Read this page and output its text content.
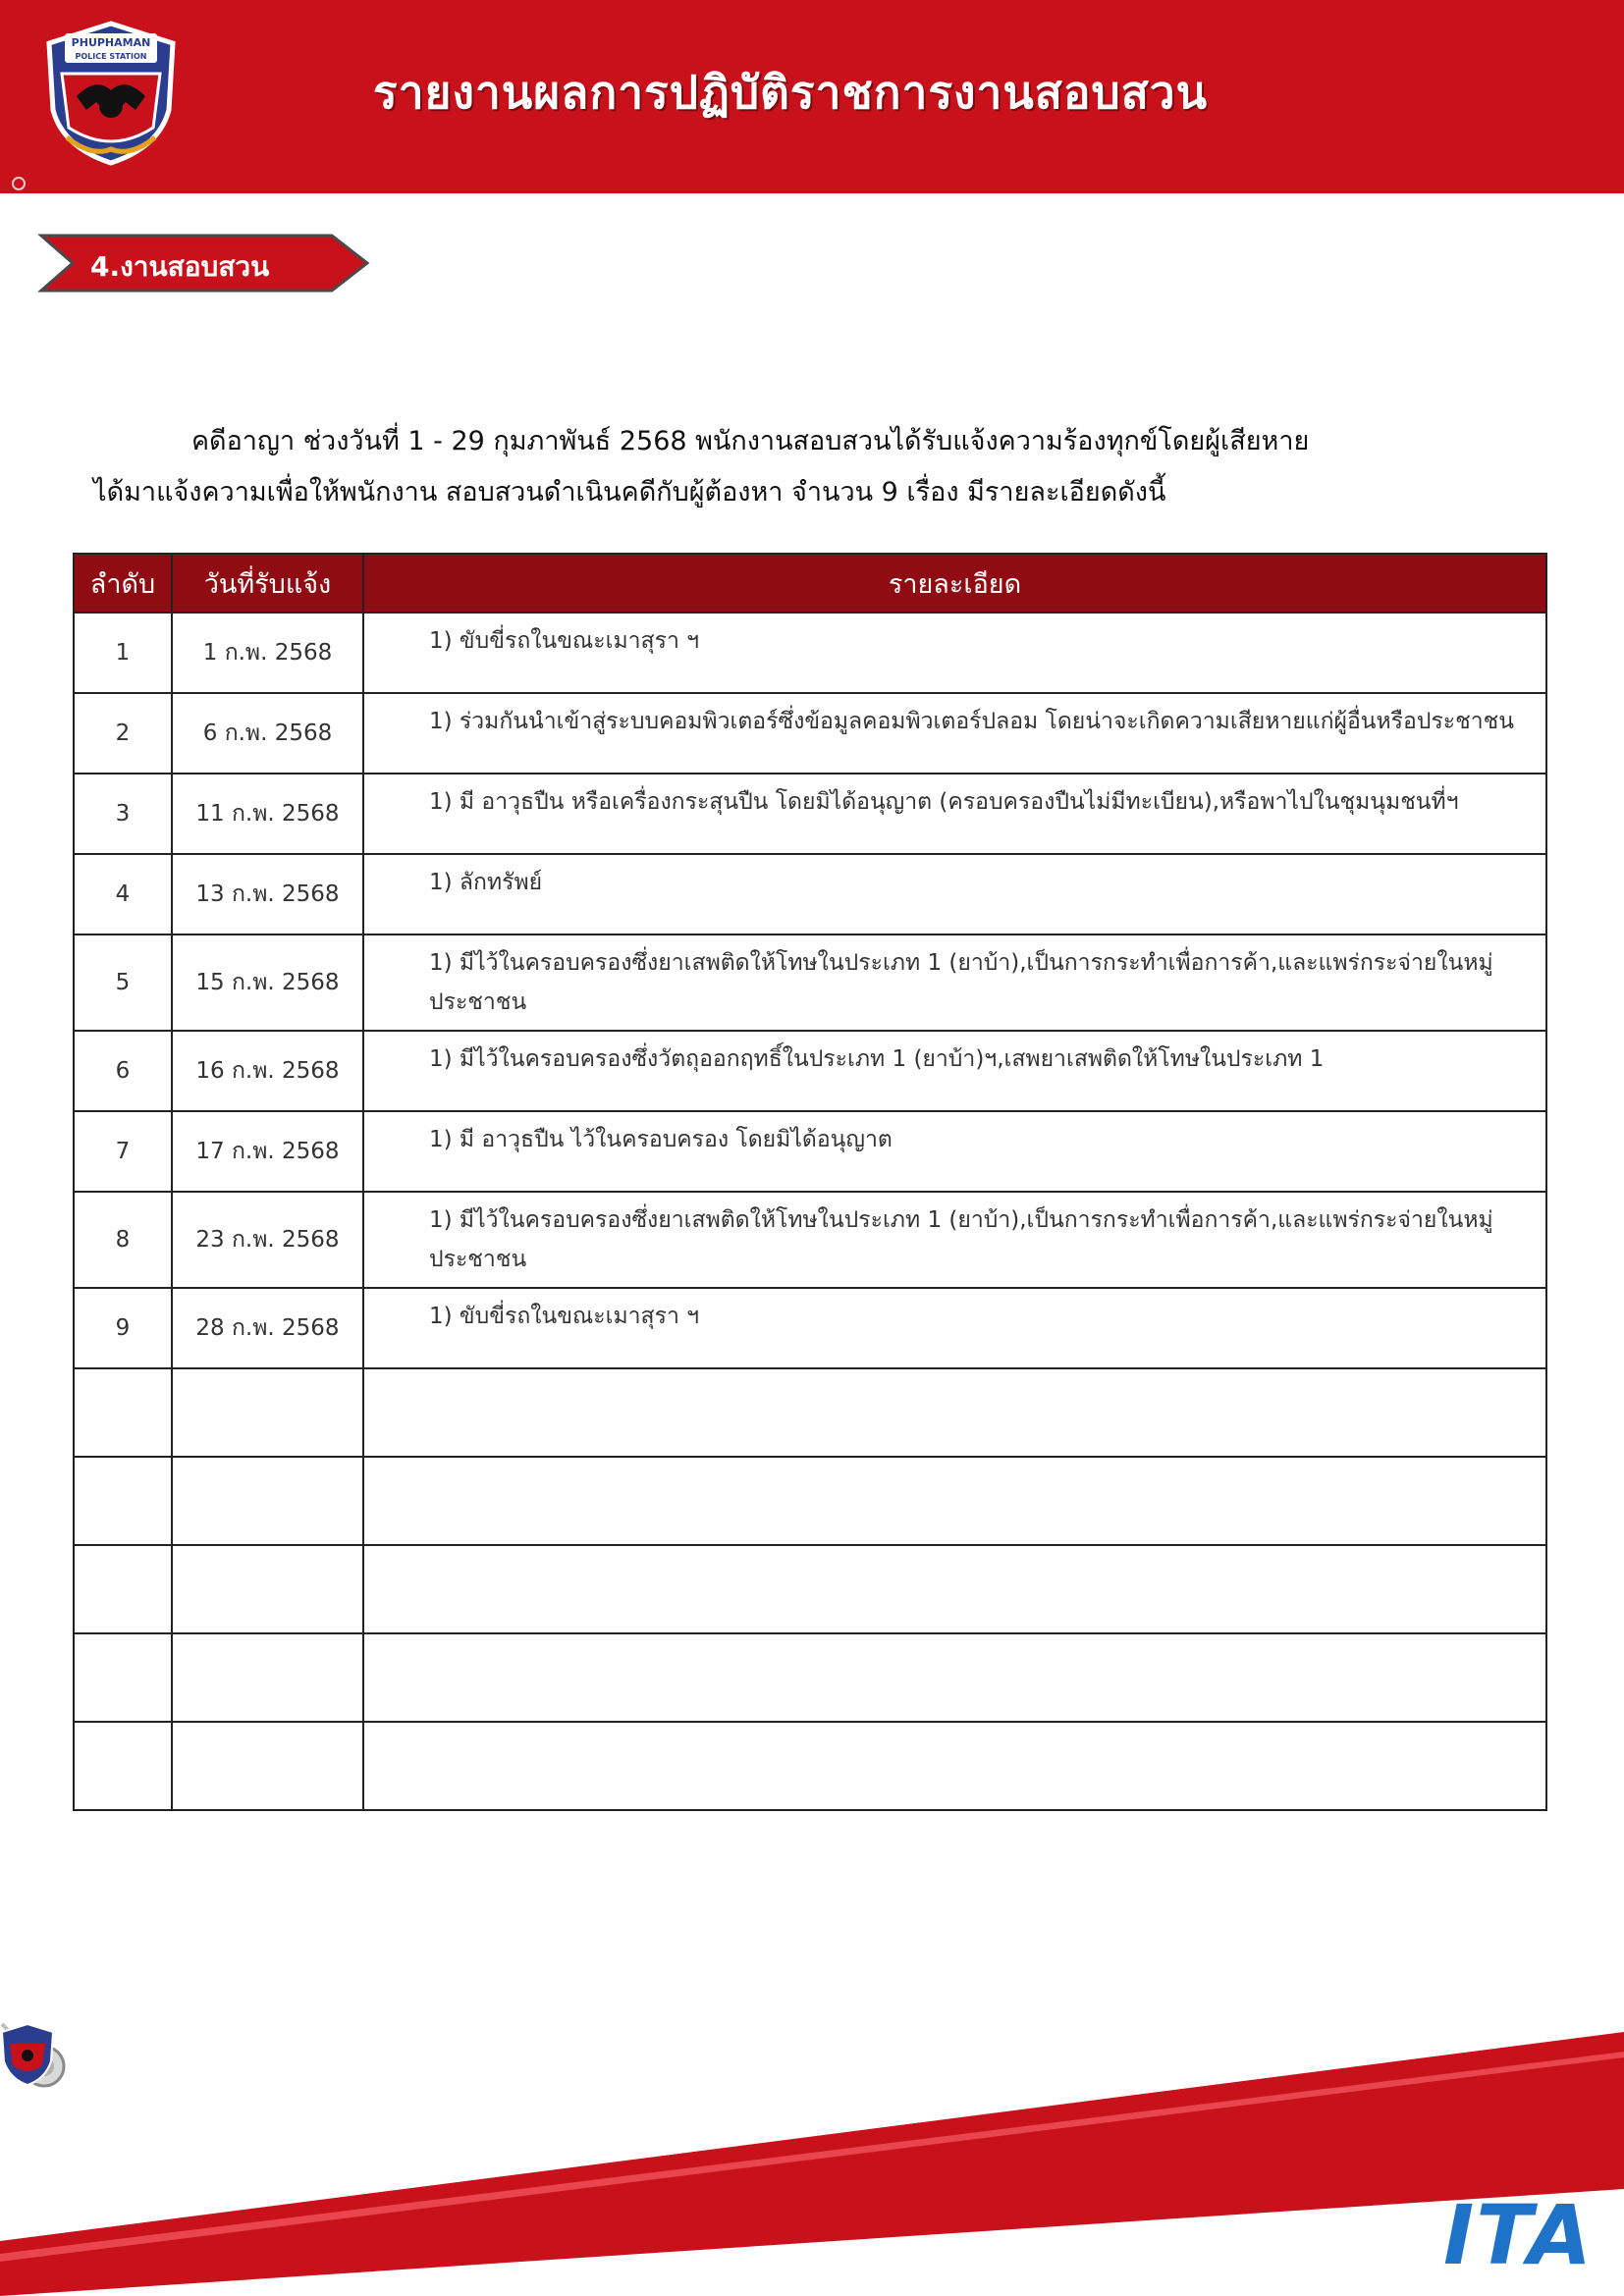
PHUPHAMAN
POLICE STATION
รายงานผลการปฏิบัติราชการงานสอบสวน
4.งานสอบสวน
คดีอาญา ช่วงวันที่ 1 - 29 กุมภาพันธ์ 2568 พนักงานสอบสวนได้รับแจ้งความร้องทุกข์โดยผู้เสียหาย
ได้มาแจ้งความเพื่อให้พนักงาน สอบสวนดำเนินคดีกับผู้ต้องหา จำนวน 9 เรื่อง มีรายละเอียดดังนี้
ลำดับ	วันที่รับแจ้ง	รายละเอียด
1	1 ก.พ. 2568	1) ขับขี่รถในขณะเมาสุรา ฯ
2	6 ก.พ. 2568	1) ร่วมกันนำเข้าสู่ระบบคอมพิวเตอร์ซึ่งข้อมูลคอมพิวเตอร์ปลอม โดยน่าจะเกิดความเสียหายแก่ผู้อื่นหรือประชาชน
3	11 ก.พ. 2568	1) มี อาวุธปืน หรือเครื่องกระสุนปืน โดยมิได้อนุญาต (ครอบครองปืนไม่มีทะเบียน),หรือพาไปในชุมนุมชนที่ฯ
4	13 ก.พ. 2568	1) ลักทรัพย์
5	15 ก.พ. 2568	1) มีไว้ในครอบครองซึ่งยาเสพติดให้โทษในประเภท 1 (ยาบ้า),เป็นการกระทำเพื่อการค้า,และแพร่กระจ่ายในหมู่ประชาชน
6	16 ก.พ. 2568	1) มีไว้ในครอบครองซึ่งวัตถุออกฤทธิ์ในประเภท 1 (ยาบ้า)ฯ,เสพยาเสพติดให้โทษในประเภท 1
7	17 ก.พ. 2568	1) มี อาวุธปืน ไว้ในครอบครอง โดยมิได้อนุญาต
8	23 ก.พ. 2568	1) มีไว้ในครอบครองซึ่งยาเสพติดให้โทษในประเภท 1 (ยาบ้า),เป็นการกระทำเพื่อการค้า,และแพร่กระจ่ายในหมู่ประชาชน
9	28 ก.พ. 2568	1) ขับขี่รถในขณะเมาสุรา ฯ

ITA
